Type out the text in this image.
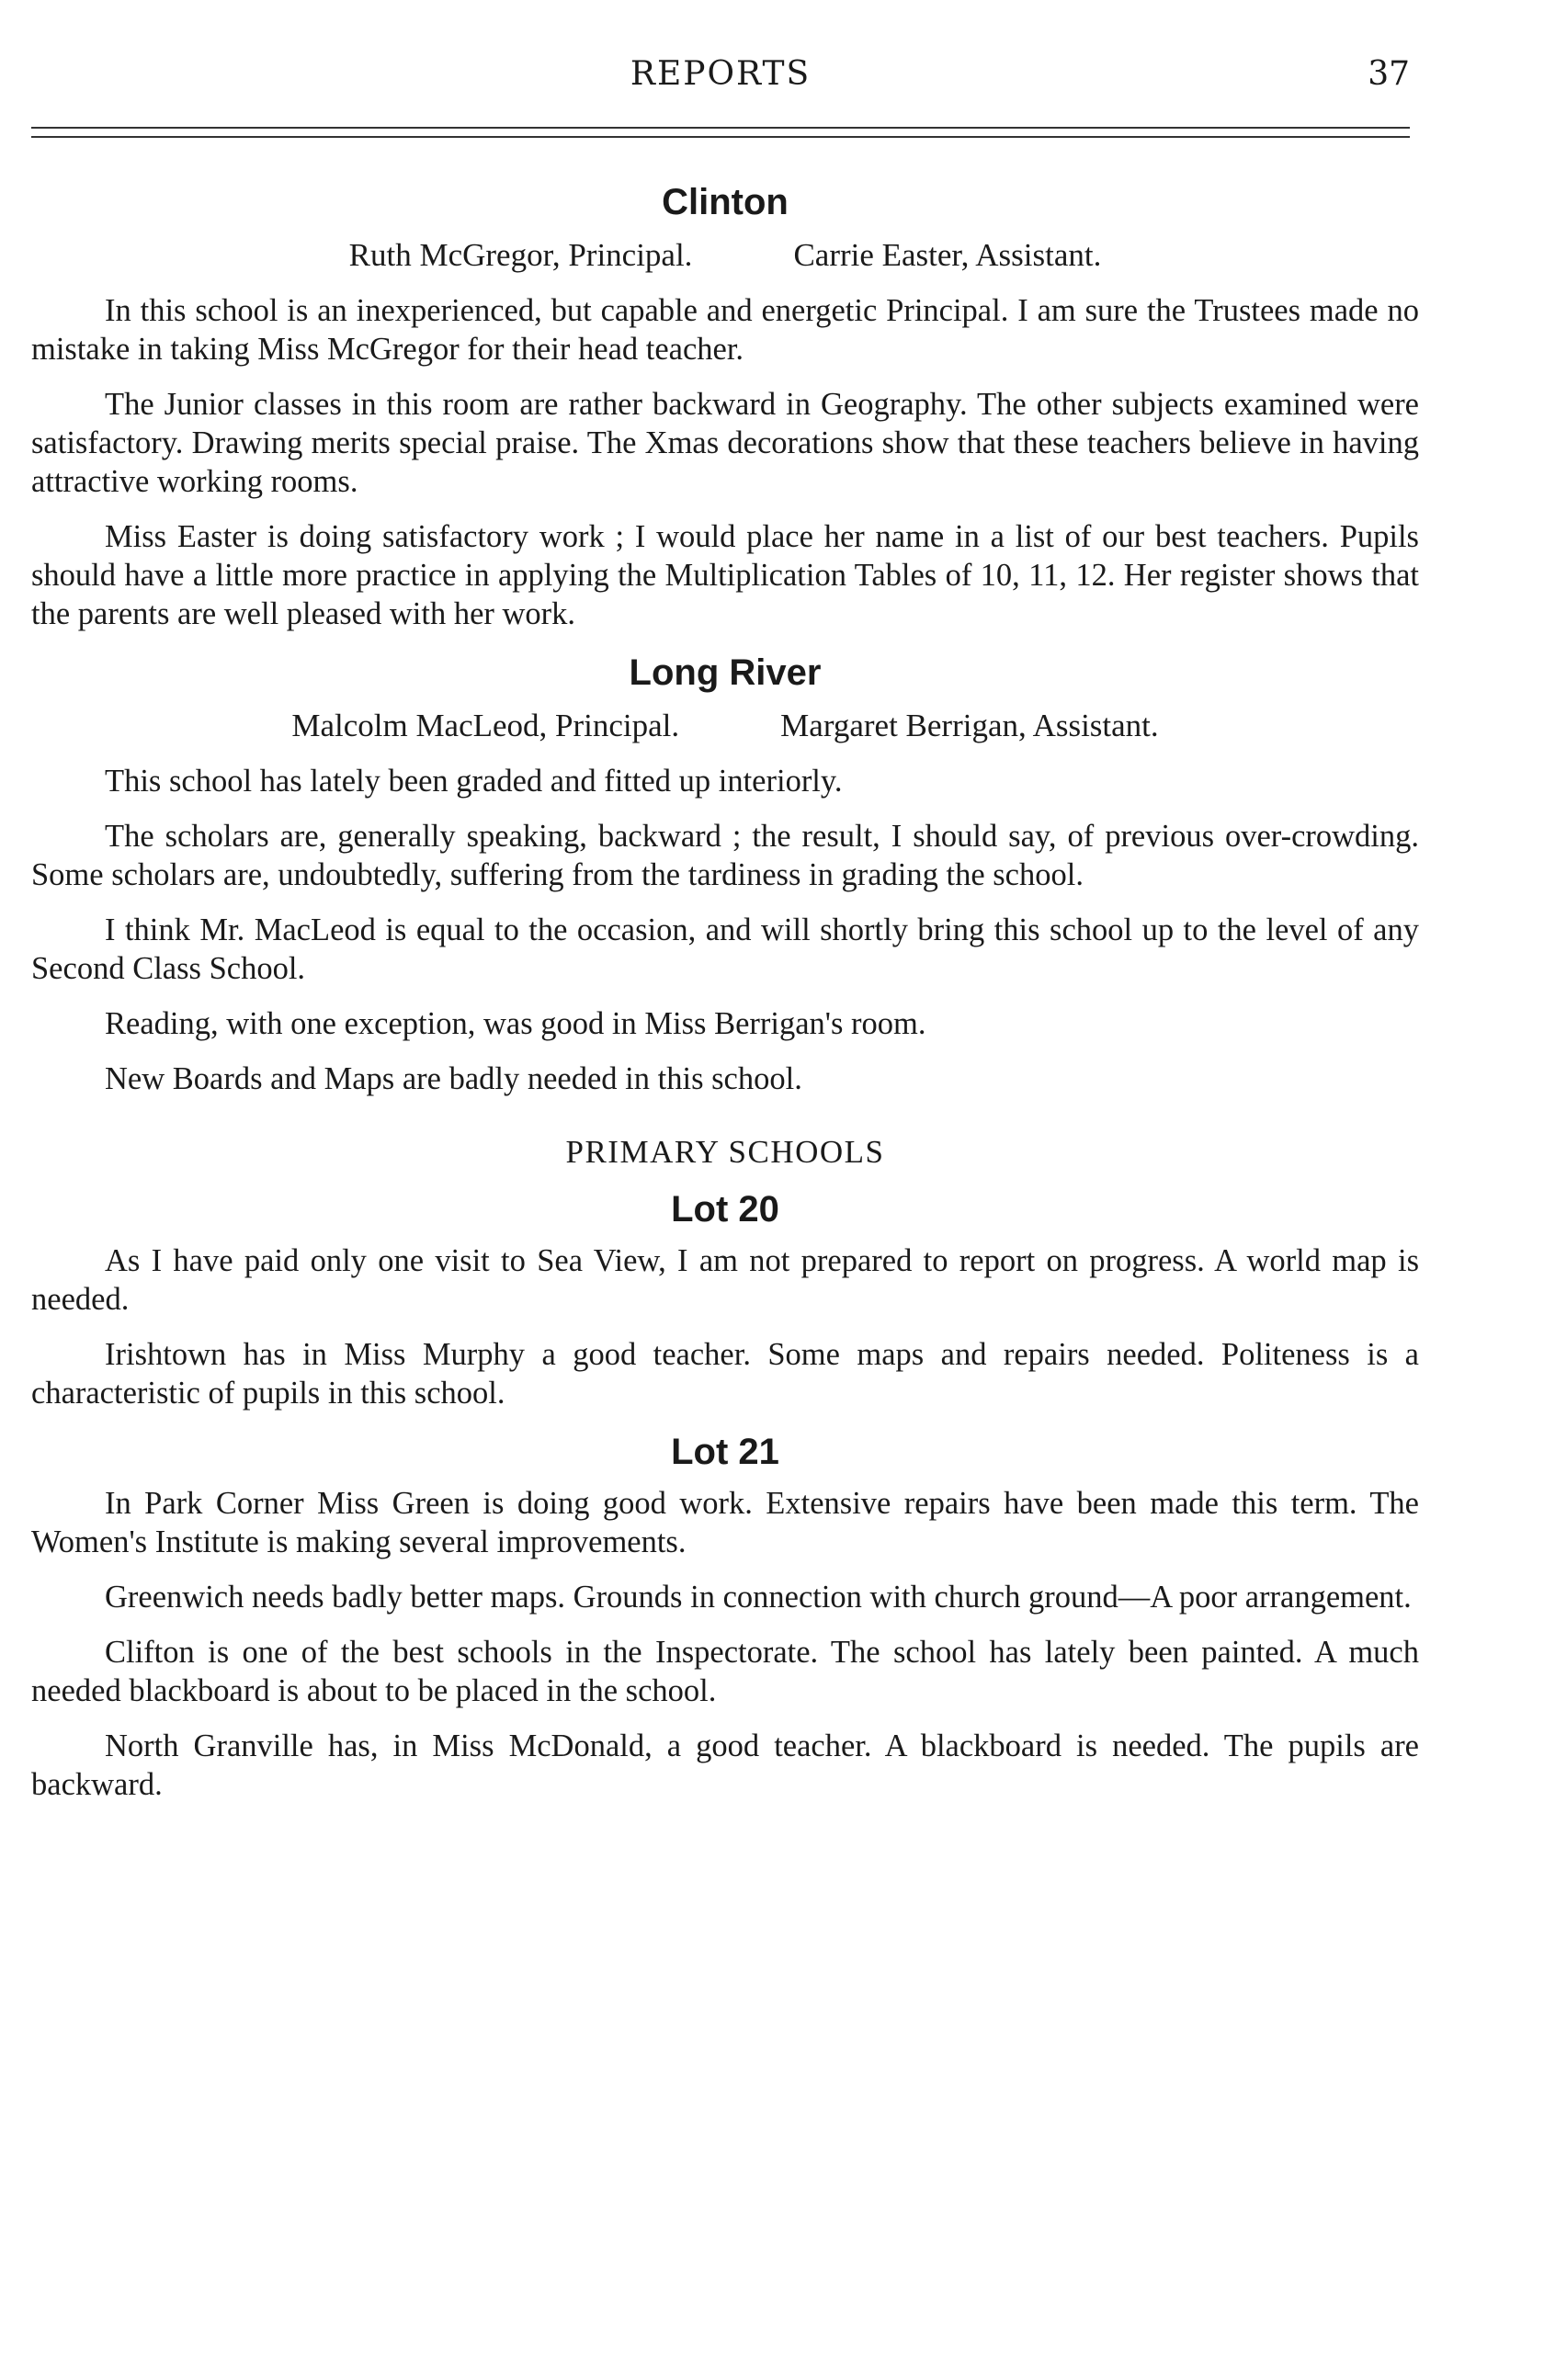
REPORTS	37
Clinton
Ruth McGregor, Principal.	Carrie Easter, Assistant.

In this school is an inexperienced, but capable and energetic Principal. I am sure the Trustees made no mistake in taking Miss McGregor for their head teacher.

The Junior classes in this room are rather backward in Geography. The other subjects examined were satisfactory. Drawing merits special praise. The Xmas decorations show that these teachers believe in having attractive working rooms.

Miss Easter is doing satisfactory work ; I would place her name in a list of our best teachers. Pupils should have a little more practice in applying the Multiplication Tables of 10, 11, 12. Her register shows that the parents are well pleased with her work.

Long River
Malcolm MacLeod, Principal.	Margaret Berrigan, Assistant.

This school has lately been graded and fitted up interiorly.

The scholars are, generally speaking, backward ; the result, I should say, of previous over-crowding. Some scholars are, undoubtedly, suffering from the tardiness in grading the school.

I think Mr. MacLeod is equal to the occasion, and will shortly bring this school up to the level of any Second Class School.

Reading, with one exception, was good in Miss Berrigan's room.

New Boards and Maps are badly needed in this school.

PRIMARY SCHOOLS
Lot 20

As I have paid only one visit to Sea View, I am not prepared to report on progress. A world map is needed.

Irishtown has in Miss Murphy a good teacher. Some maps and repairs needed. Politeness is a characteristic of pupils in this school.

Lot 21

In Park Corner Miss Green is doing good work. Extensive repairs have been made this term. The Women's Institute is making several improvements.

Greenwich needs badly better maps. Grounds in connection with church ground—A poor arrangement.

Clifton is one of the best schools in the Inspectorate. The school has lately been painted. A much needed blackboard is about to be placed in the school.

North Granville has, in Miss McDonald, a good teacher. A blackboard is needed. The pupils are backward.
